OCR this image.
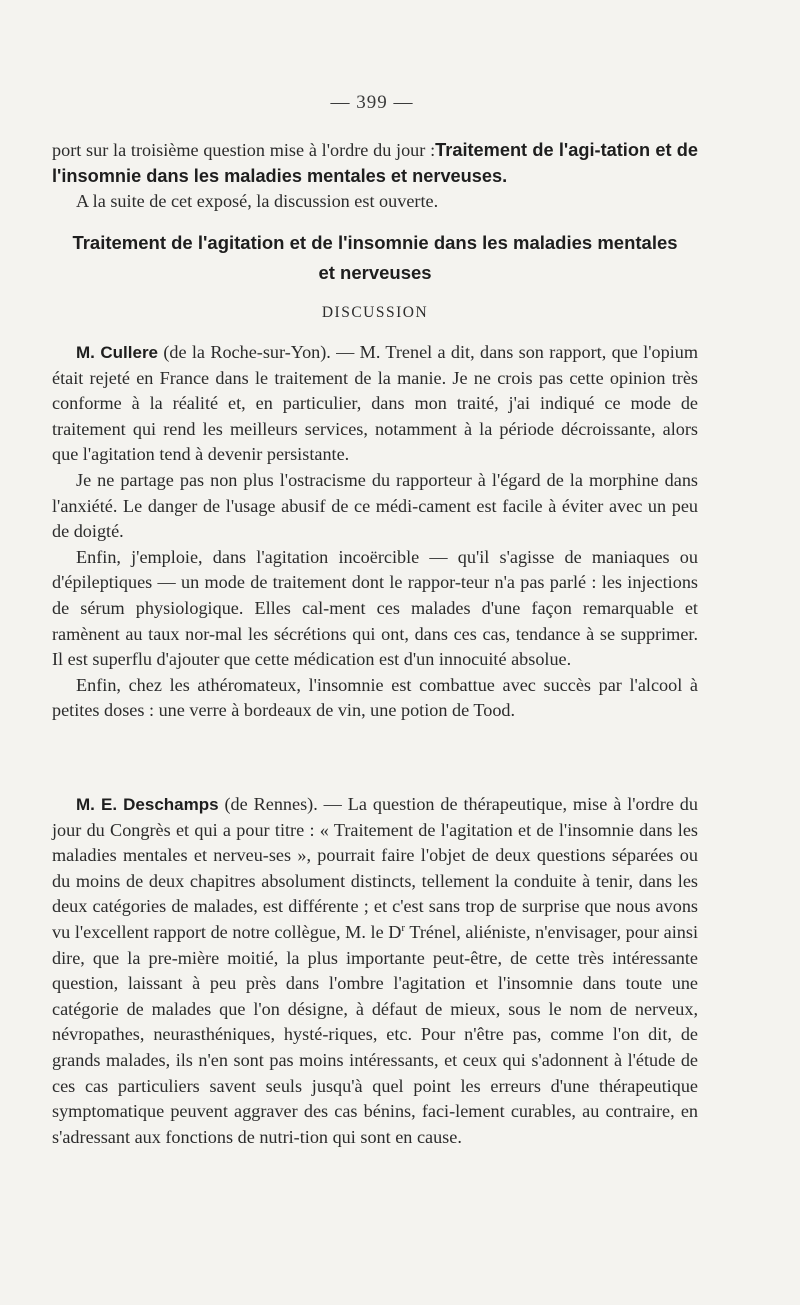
— 399 —

port sur la troisième question mise à l'ordre du jour :Traitement de l'agi-tation et de l'insomnie dans les maladies mentales et nerveuses.

A la suite de cet exposé, la discussion est ouverte.

Traitement de l'agitation et de l'insomnie dans les maladies mentales
et nerveuses
DISCUSSION

M. Cullere (de la Roche-sur-Yon). — M. Trenel a dit, dans son rapport, que l'opium était rejeté en France dans le traitement de la manie. Je ne crois pas cette opinion très conforme à la réalité et, en particulier, dans mon traité, j'ai indiqué ce mode de traitement qui rend les meilleurs services, notamment à la période décroissante, alors que l'agitation tend à devenir persistante.

Je ne partage pas non plus l'ostracisme du rapporteur à l'égard de la morphine dans l'anxiété. Le danger de l'usage abusif de ce médi-cament est facile à éviter avec un peu de doigté.

Enfin, j'emploie, dans l'agitation incoërcible — qu'il s'agisse de maniaques ou d'épileptiques — un mode de traitement dont le rappor-teur n'a pas parlé : les injections de sérum physiologique. Elles cal-ment ces malades d'une façon remarquable et ramènent au taux nor-mal les sécrétions qui ont, dans ces cas, tendance à se supprimer. Il est superflu d'ajouter que cette médication est d'un innocuité absolue.

Enfin, chez les athéromateux, l'insomnie est combattue avec succès par l'alcool à petites doses : une verre à bordeaux de vin, une potion de Tood.

M. E. Deschamps (de Rennes). — La question de thérapeutique, mise à l'ordre du jour du Congrès et qui a pour titre : « Traitement de l'agitation et de l'insomnie dans les maladies mentales et nerveu-ses », pourrait faire l'objet de deux questions séparées ou du moins de deux chapitres absolument distincts, tellement la conduite à tenir, dans les deux catégories de malades, est différente ; et c'est sans trop de surprise que nous avons vu l'excellent rapport de notre collègue, M. le $D^r$ Trénel, aliéniste, n'envisager, pour ainsi dire, que la pre-mière moitié, la plus importante peut-être, de cette très intéressante question, laissant à peu près dans l'ombre l'agitation et l'insomnie dans toute une catégorie de malades que l'on désigne, à défaut de mieux, sous le nom de nerveux, névropathes, neurasthéniques, hysté-riques, etc. Pour n'être pas, comme l'on dit, de grands malades, ils n'en sont pas moins intéressants, et ceux qui s'adonnent à l'étude de ces cas particuliers savent seuls jusqu'à quel point les erreurs d'une thérapeutique symptomatique peuvent aggraver des cas bénins, faci-lement curables, au contraire, en s'adressant aux fonctions de nutri-tion qui sont en cause.
